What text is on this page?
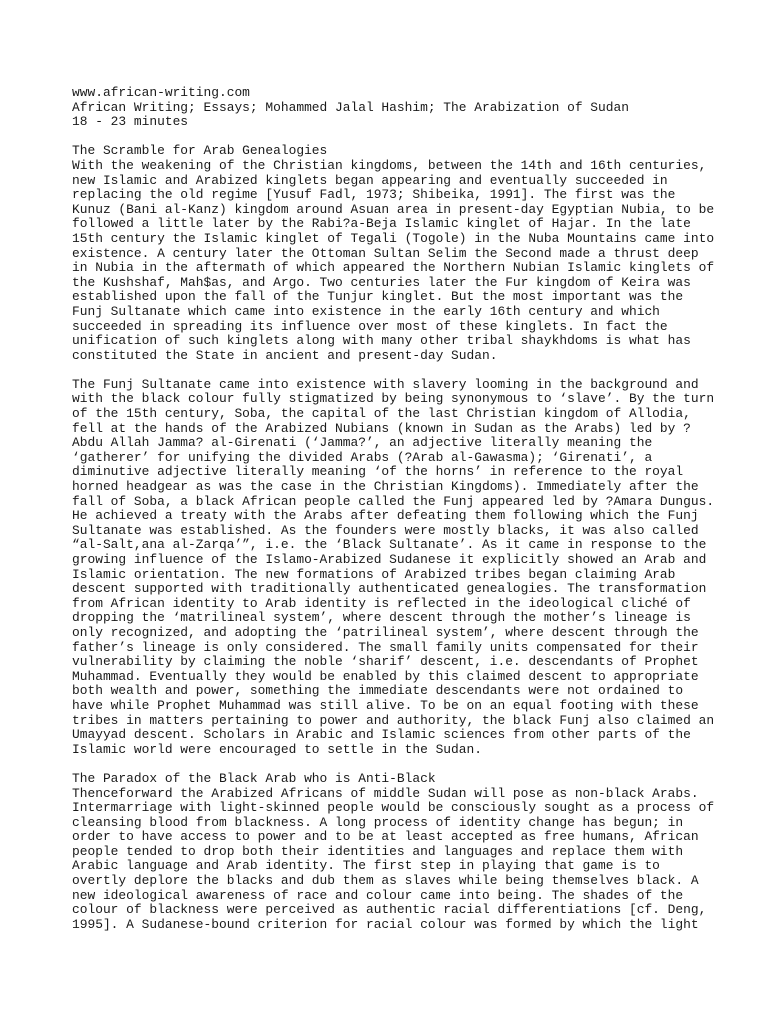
www.african-writing.com
African Writing; Essays; Mohammed Jalal Hashim; The Arabization of Sudan
18 - 23 minutes
The Scramble for Arab Genealogies
With the weakening of the Christian kingdoms, between the 14th and 16th centuries,
new Islamic and Arabized kinglets began appearing and eventually succeeded in
replacing the old regime [Yusuf Fadl, 1973; Shibeika, 1991]. The first was the
Kunuz (Bani al-Kanz) kingdom around Asuan area in present-day Egyptian Nubia, to be
followed a little later by the Rabi?a-Beja Islamic kinglet of Hajar. In the late
15th century the Islamic kinglet of Tegali (Togole) in the Nuba Mountains came into
existence. A century later the Ottoman Sultan Selim the Second made a thrust deep
in Nubia in the aftermath of which appeared the Northern Nubian Islamic kinglets of
the Kushshaf, Mah$as, and Argo. Two centuries later the Fur kingdom of Keira was
established upon the fall of the Tunjur kinglet. But the most important was the
Funj Sultanate which came into existence in the early 16th century and which
succeeded in spreading its influence over most of these kinglets. In fact the
unification of such kinglets along with many other tribal shaykhdoms is what has
constituted the State in ancient and present-day Sudan.
The Funj Sultanate came into existence with slavery looming in the background and
with the black colour fully stigmatized by being synonymous to ‘slave’. By the turn
of the 15th century, Soba, the capital of the last Christian kingdom of Allodia,
fell at the hands of the Arabized Nubians (known in Sudan as the Arabs) led by ?
Abdu Allah Jamma? al-Girenati (‘Jamma?’, an adjective literally meaning the
‘gatherer’ for unifying the divided Arabs (?Arab al-Gawasma); ‘Girenati’, a
diminutive adjective literally meaning ‘of the horns’ in reference to the royal
horned headgear as was the case in the Christian Kingdoms). Immediately after the
fall of Soba, a black African people called the Funj appeared led by ?Amara Dungus.
He achieved a treaty with the Arabs after defeating them following which the Funj
Sultanate was established. As the founders were mostly blacks, it was also called
“al-Salt,ana al-Zarqa’”, i.e. the ‘Black Sultanate’. As it came in response to the
growing influence of the Islamo-Arabized Sudanese it explicitly showed an Arab and
Islamic orientation. The new formations of Arabized tribes began claiming Arab
descent supported with traditionally authenticated genealogies. The transformation
from African identity to Arab identity is reflected in the ideological cliché of
dropping the ‘matrilineal system’, where descent through the mother’s lineage is
only recognized, and adopting the ‘patrilineal system’, where descent through the
father’s lineage is only considered. The small family units compensated for their
vulnerability by claiming the noble ‘sharif’ descent, i.e. descendants of Prophet
Muhammad. Eventually they would be enabled by this claimed descent to appropriate
both wealth and power, something the immediate descendants were not ordained to
have while Prophet Muhammad was still alive. To be on an equal footing with these
tribes in matters pertaining to power and authority, the black Funj also claimed an
Umayyad descent. Scholars in Arabic and Islamic sciences from other parts of the
Islamic world were encouraged to settle in the Sudan.
The Paradox of the Black Arab who is Anti-Black
Thenceforward the Arabized Africans of middle Sudan will pose as non-black Arabs.
Intermarriage with light-skinned people would be consciously sought as a process of
cleansing blood from blackness. A long process of identity change has begun; in
order to have access to power and to be at least accepted as free humans, African
people tended to drop both their identities and languages and replace them with
Arabic language and Arab identity. The first step in playing that game is to
overtly deplore the blacks and dub them as slaves while being themselves black. A
new ideological awareness of race and colour came into being. The shades of the
colour of blackness were perceived as authentic racial differentiations [cf. Deng,
1995]. A Sudanese-bound criterion for racial colour was formed by which the light
